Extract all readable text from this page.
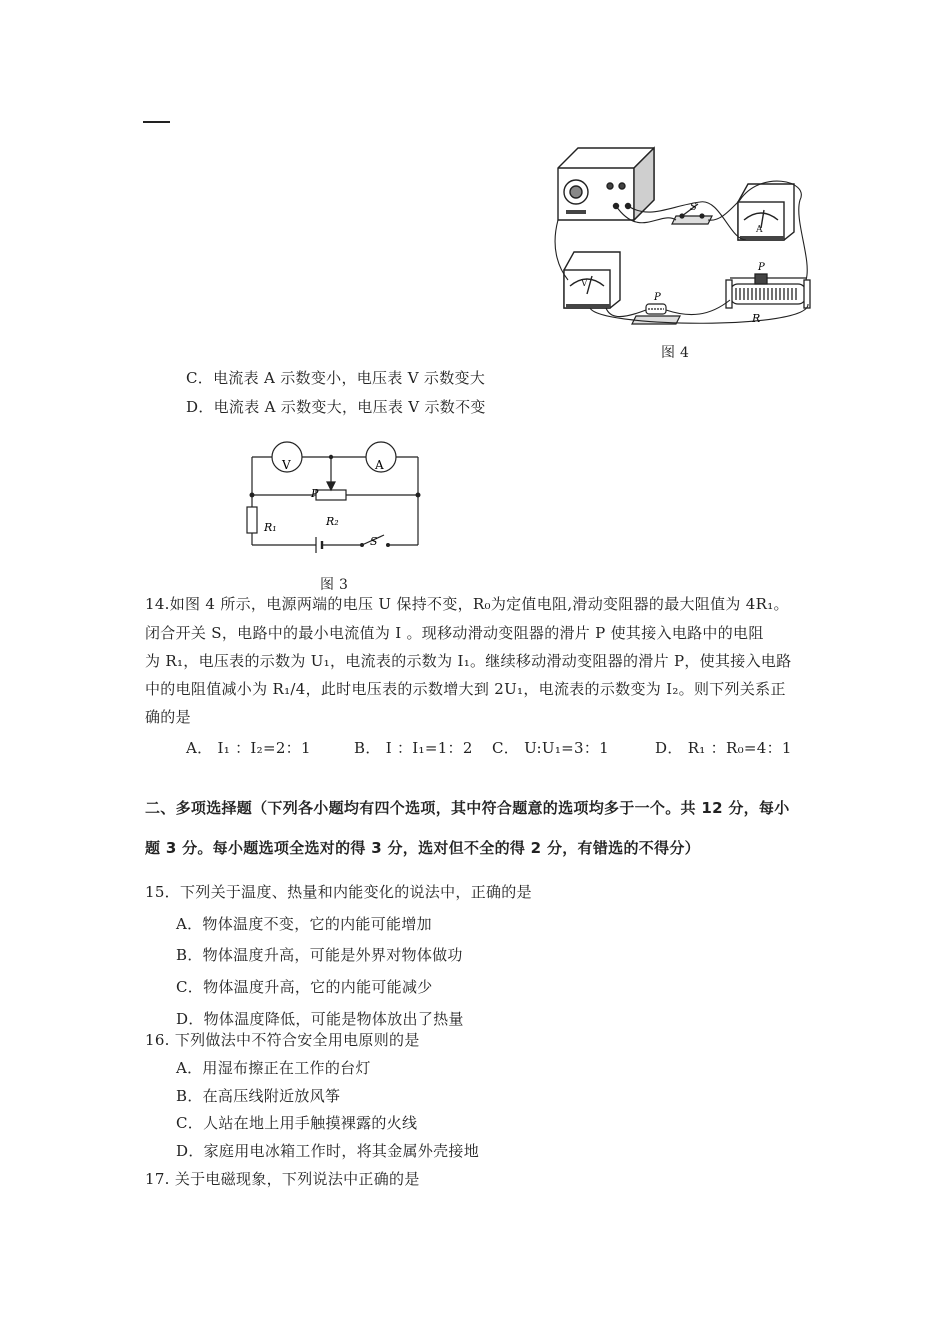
S
A
V
P
P
R
图 4
C．电流表 A 示数变小，电压表 V 示数变大
D．电流表 A 示数变大，电压表 V 示数不变
V	A
P
R₂
R₁
S
图 3
14.如图 4 所示，电源两端的电压 U 保持不变，R₀为定值电阻,滑动变阻器的最大阻值为 4R₁。
闭合开关 S，电路中的最小电流值为 I 。现移动滑动变阻器的滑片 P 使其接入电路中的电阻
为 R₁，电压表的示数为 U₁，电流表的示数为 I₁。继续移动滑动变阻器的滑片 P，使其接入电路
中的电阻值减小为 R₁/4，此时电压表的示数增大到 2U₁，电流表的示数变为 I₂。则下列关系正
确的是
A． I₁ ：I₂=2：1	B． I ：I₁=1：2 C． U:U₁=3：1	D． R₁ ：R₀=4：1
二、多项选择题（下列各小题均有四个选项，其中符合题意的选项均多于一个。共 12 分，每小
题 3 分。每小题选项全选对的得 3 分，选对但不全的得 2 分，有错选的不得分）
15．下列关于温度、热量和内能变化的说法中，正确的是
A．物体温度不变，它的内能可能增加
B．物体温度升高，可能是外界对物体做功
C．物体温度升高，它的内能可能减少
D．物体温度降低，可能是物体放出了热量
16. 下列做法中不符合安全用电原则的是
A．用湿布擦正在工作的台灯
B．在高压线附近放风筝
C．人站在地上用手触摸裸露的火线
D．家庭用电冰箱工作时，将其金属外壳接地
17. 关于电磁现象，下列说法中正确的是
